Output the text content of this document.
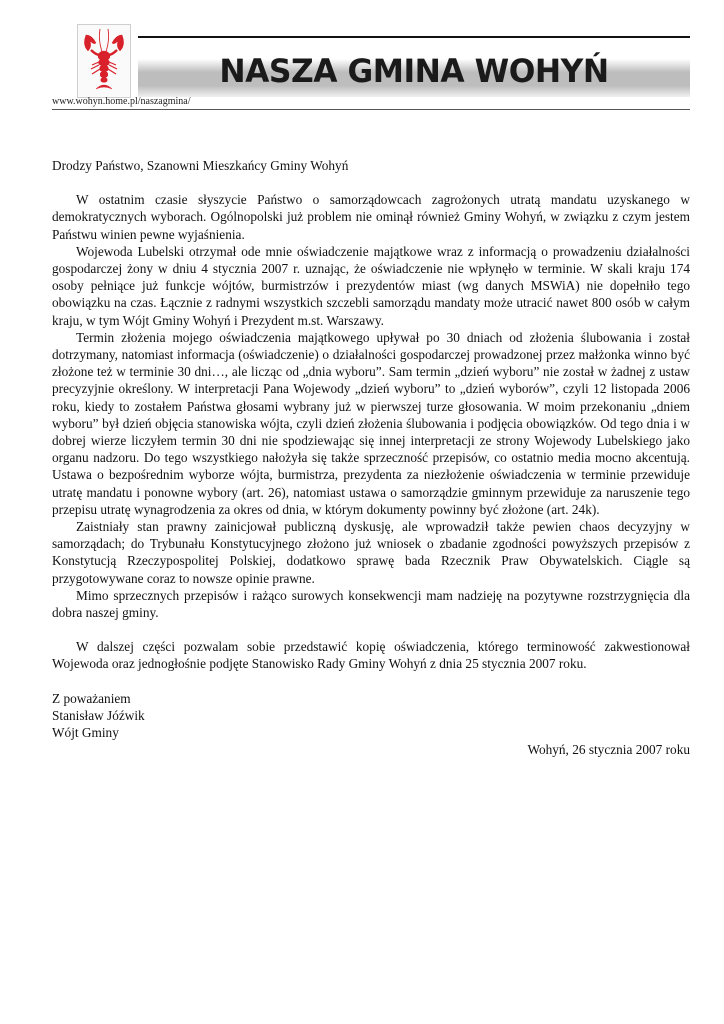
NASZA GMINA WOHYŃ
www.wohyn.home.pl/naszagmina/

Drodzy Państwo, Szanowni Mieszkańcy Gminy Wohyń

W ostatnim czasie słyszycie Państwo o samorządowcach zagrożonych utratą mandatu uzyskanego w demokratycznych wyborach. Ogólnopolski już problem nie ominął również Gminy Wohyń, w związku z czym jestem Państwu winien pewne wyjaśnienia.

Wojewoda Lubelski otrzymał ode mnie oświadczenie majątkowe wraz z informacją o prowadzeniu działalności gospodarczej żony w dniu 4 stycznia 2007 r. uznając, że oświadczenie nie wpłynęło w terminie. W skali kraju 174 osoby pełniące już funkcje wójtów, burmistrzów i prezydentów miast (wg danych MSWiA) nie dopełniło tego obowiązku na czas. Łącznie z radnymi wszystkich szczebli samorządu mandaty może utracić nawet 800 osób w całym kraju, w tym Wójt Gminy Wohyń i Prezydent m.st. Warszawy.

Termin złożenia mojego oświadczenia majątkowego upływał po 30 dniach od złożenia ślubowania i został dotrzymany, natomiast informacja (oświadczenie) o działalności gospodarczej prowadzonej przez małżonka winno być złożone też w terminie 30 dni…, ale licząc od „dnia wyboru”. Sam termin „dzień wyboru” nie został w żadnej z ustaw precyzyjnie określony. W interpretacji Pana Wojewody „dzień wyboru” to „dzień wyborów”, czyli 12 listopada 2006 roku, kiedy to zostałem Państwa głosami wybrany już w pierwszej turze głosowania. W moim przekonaniu „dniem wyboru” był dzień objęcia stanowiska wójta, czyli dzień złożenia ślubowania i podjęcia obowiązków. Od tego dnia i w dobrej wierze liczyłem termin 30 dni nie spodziewając się innej interpretacji ze strony Wojewody Lubelskiego jako organu nadzoru. Do tego wszystkiego nałożyła się także sprzeczność przepisów, co ostatnio media mocno akcentują. Ustawa o bezpośrednim wyborze wójta, burmistrza, prezydenta za niezłożenie oświadczenia w terminie przewiduje utratę mandatu i ponowne wybory (art. 26), natomiast ustawa o samorządzie gminnym przewiduje za naruszenie tego przepisu utratę wynagrodzenia za okres od dnia, w którym dokumenty powinny być złożone (art. 24k).

Zaistniały stan prawny zainicjował publiczną dyskusję, ale wprowadził także pewien chaos decyzyjny w samorządach; do Trybunału Konstytucyjnego złożono już wniosek o zbadanie zgodności powyższych przepisów z Konstytucją Rzeczypospolitej Polskiej, dodatkowo sprawę bada Rzecznik Praw Obywatelskich. Ciągle są przygotowywane coraz to nowsze opinie prawne.

Mimo sprzecznych przepisów i rażąco surowych konsekwencji mam nadzieję na pozytywne rozstrzygnięcia dla dobra naszej gminy.

W dalszej części pozwalam sobie przedstawić kopię oświadczenia, którego terminowość zakwestionował Wojewoda oraz jednogłośnie podjęte Stanowisko Rady Gminy Wohyń z dnia 25 stycznia 2007 roku.

Z poważaniem

Stanisław Jóźwik

Wójt Gminy

Wohyń, 26 stycznia 2007 roku
